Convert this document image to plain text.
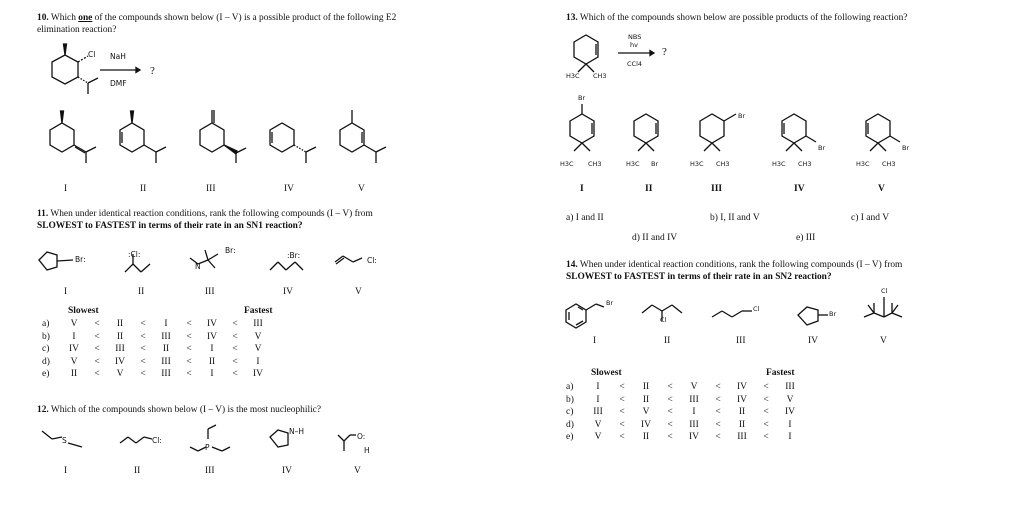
10. Which one of the compounds shown below (I – V) is a possible product of the following E2
elimination reaction?
Cl NaH
DMF
?
I	II	III	IV	V
11. When under identical reaction conditions, rank the following compounds (I – V) from
SLOWEST to FASTEST in terms of their rate in an SN1 reaction?
Br:
:Cl:	Br:
N
:Br:
Cl:
I	II	III	IV	V
Slowest	Fastest
a)	V	<	II	<	I	<	IV	<	III
b)	I	<	II	<	III	<	IV	<	V
c)	IV	<	III	<	II	<	I	<	V
d)	V	<	IV	<	III	<	II	<	I
e)	II	<	V	<	III	<	I	<	IV
12. Which of the compounds shown below (I – V) is the most nucleophilic?
S	Cl:
P
N–H
O:
H
I	II	III	IV	V
13. Which of the compounds shown below are possible products of the following reaction?
H3C CH3
NBS
hv
CCl4
?
Br
Br
Br
Br	Br
H3C CH3	H3C	H3C CH3	H3C CH3	H3C CH3
I	II	III	IV	V
a) I and II	b) I, II and V	c) I and V
d) II and IV	e) III
14. When under identical reaction conditions, rank the following compounds (I – V) from
SLOWEST to FASTEST in terms of their rate in an SN2 reaction?
Br
Cl
Cl
Br
Cl
I	II	III	IV	V
Slowest	Fastest
a)	I	<	II	<	V	<	IV	<	III
b)	I	<	II	<	III	<	IV	<	V
c)	III	<	V	<	I	<	II	<	IV
d)	V	<	IV	<	III	<	II	<	I
e)	V	<	II	<	IV	<	III	<	I
